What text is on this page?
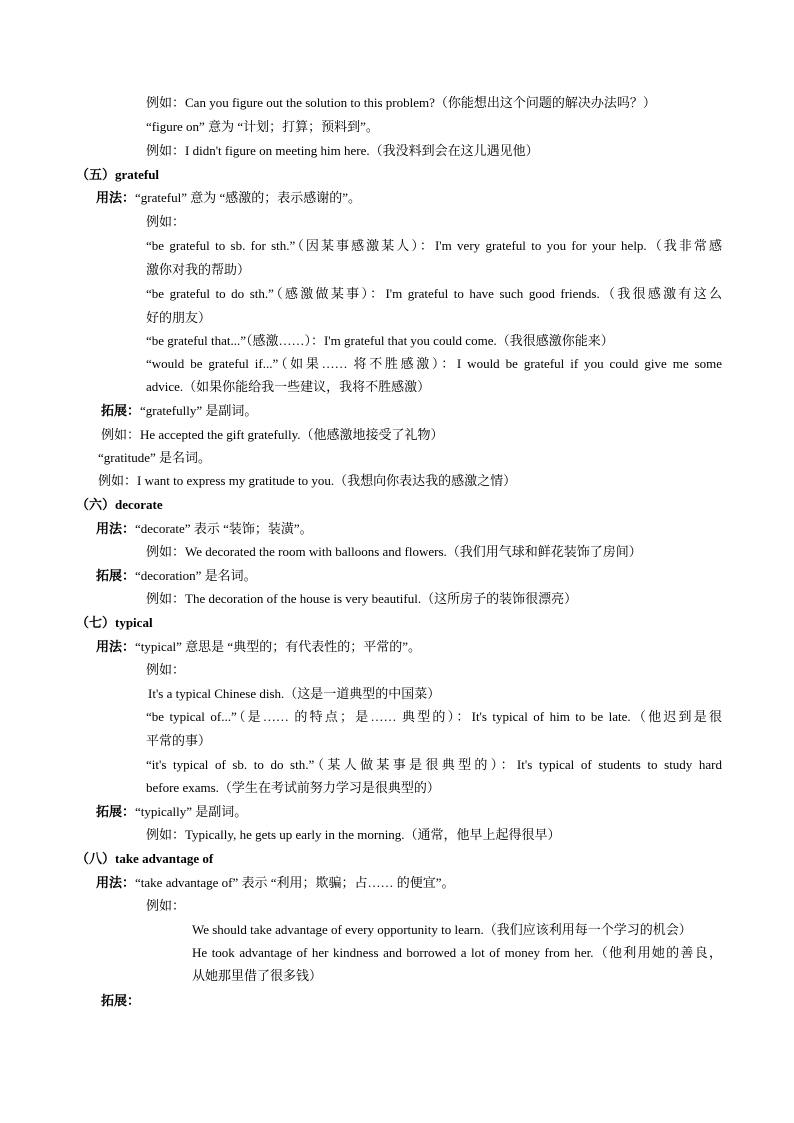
例如：Can you figure out the solution to this problem?（你能想出这个问题的解决办法吗？）
“figure on” 意为 “计划；打算；预料到”。
例如：I didn't figure on meeting him here.（我没料到会在这儿遇见他）
（五）grateful
用法：“grateful” 意为 “感激的；表示感谢的”。
例如：
“be grateful to sb. for sth.”（因某事感激某人）：I'm very grateful to you for your help.（我非常感
激你对我的帮助）
“be grateful to do sth.”（感激做某事）：I'm grateful to have such good friends.（我很感激有这么
好的朋友）
“be grateful that...”（感激……）：I'm grateful that you could come.（我很感激你能来）
“would be grateful if...”（如果…… 将不胜感激）：I would be grateful if you could give me some
advice.（如果你能给我一些建议，我将不胜感激）
拓展：“gratefully” 是副词。
例如：He accepted the gift gratefully.（他感激地接受了礼物）
“gratitude” 是名词。
例如：I want to express my gratitude to you.（我想向你表达我的感激之情）
（六）decorate
用法：“decorate” 表示 “装饰；装潢”。
例如：We decorated the room with balloons and flowers.（我们用气球和鲜花装饰了房间）
拓展：“decoration” 是名词。
例如：The decoration of the house is very beautiful.（这所房子的装饰很漂亮）
（七）typical
用法：“typical” 意思是 “典型的；有代表性的；平常的”。
例如：
It's a typical Chinese dish.（这是一道典型的中国菜）
“be typical of...”（是…… 的特点；是…… 典型的）：It's typical of him to be late.（他迟到是很
平常的事）
“it's typical of sb. to do sth.”（某人做某事是很典型的）：It's typical of students to study hard
before exams.（学生在考试前努力学习是很典型的）
拓展：“typically” 是副词。
例如：Typically, he gets up early in the morning.（通常，他早上起得很早）
（八）take advantage of
用法：“take advantage of” 表示 “利用；欺骗；占…… 的便宜”。
例如：
We should take advantage of every opportunity to learn.（我们应该利用每一个学习的机会）
He took advantage of her kindness and borrowed a lot of money from her.（他利用她的善良，
从她那里借了很多钱）
拓展：
